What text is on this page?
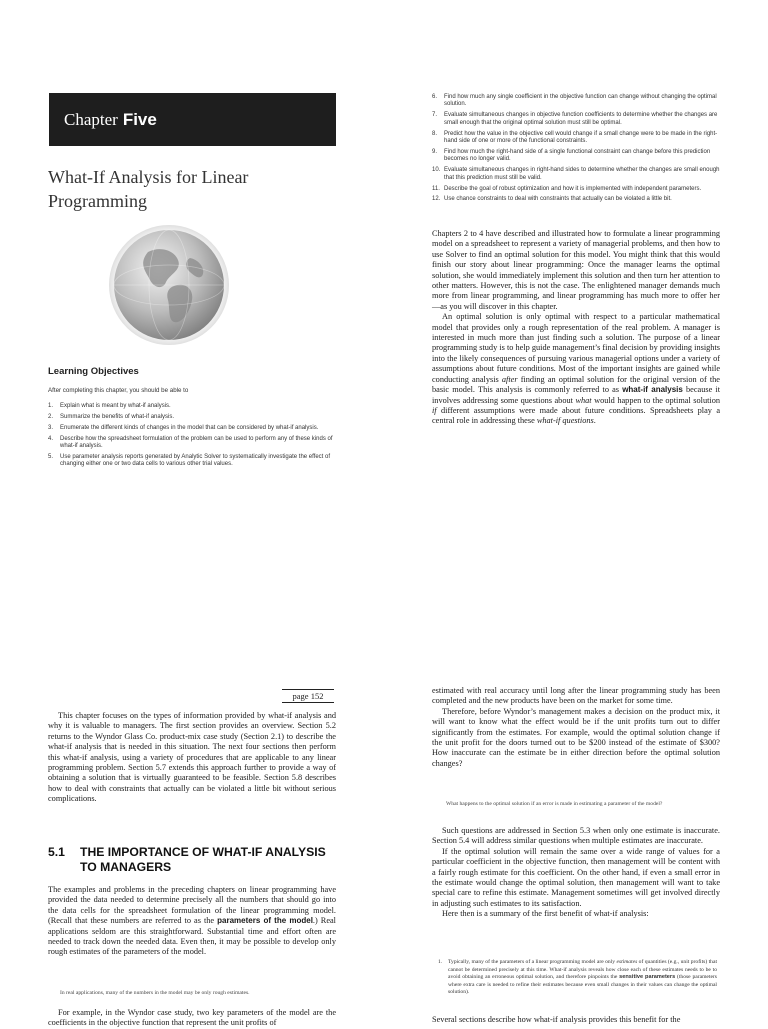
Chapter Five
What-If Analysis for Linear Programming
Learning Objectives
After completing this chapter, you should be able to
1. Explain what is meant by what-if analysis.
2. Summarize the benefits of what-if analysis.
3. Enumerate the different kinds of changes in the model that can be considered by what-if analysis.
4. Describe how the spreadsheet formulation of the problem can be used to perform any of these kinds of what-if analysis.
5. Use parameter analysis reports generated by Analytic Solver to systematically investigate the effect of changing either one or two data cells to various other trial values.
6. Find how much any single coefficient in the objective function can change without changing the optimal solution.
7. Evaluate simultaneous changes in objective function coefficients to determine whether the changes are small enough that the original optimal solution must still be optimal.
8. Predict how the value in the objective cell would change if a small change were to be made in the right-hand side of one or more of the functional constraints.
9. Find how much the right-hand side of a single functional constraint can change before this prediction becomes no longer valid.
10. Evaluate simultaneous changes in right-hand sides to determine whether the changes are small enough that this prediction must still be valid.
11. Describe the goal of robust optimization and how it is implemented with independent parameters.
12. Use chance constraints to deal with constraints that actually can be violated a little bit.

Chapters 2 to 4 have described and illustrated how to formulate a linear programming model on a spreadsheet to represent a variety of managerial problems, and then how to use Solver to find an optimal solution for this model. You might think that this would finish our story about linear programming: Once the manager learns the optimal solution, she would immediately implement this solution and then turn her attention to other matters. However, this is not the case. The enlightened manager demands much more from linear programming, and linear programming has much more to offer her—as you will discover in this chapter.

An optimal solution is only optimal with respect to a particular mathematical model that provides only a rough representation of the real problem. A manager is interested in much more than just finding such a solution. The purpose of a linear programming study is to help guide management’s final decision by providing insights into the likely consequences of pursuing various managerial options under a variety of assumptions about future conditions. Most of the important insights are gained while conducting analysis after finding an optimal solution for the original version of the basic model. This analysis is commonly referred to as what-if analysis because it involves addressing some questions about what would happen to the optimal solution if different assumptions were made about future conditions. Spreadsheets play a central role in addressing these what-if questions.

page 152

This chapter focuses on the types of information provided by what-if analysis and why it is valuable to managers. The first section provides an overview. Section 5.2 returns to the Wyndor Glass Co. product-mix case study (Section 2.1) to describe the what-if analysis that is needed in this situation. The next four sections then perform this what-if analysis, using a variety of procedures that are applicable to any linear programming problem. Section 5.7 extends this approach further to provide a way of obtaining a solution that is virtually guaranteed to be feasible. Section 5.8 describes how to deal with constraints that actually can be violated a little bit without serious complications.

5.1	THE IMPORTANCE OF WHAT-IF ANALYSIS TO MANAGERS

The examples and problems in the preceding chapters on linear programming have provided the data needed to determine precisely all the numbers that should go into the data cells for the spreadsheet formulation of the linear programming model. (Recall that these numbers are referred to as the parameters of the model.) Real applications seldom are this straightforward. Substantial time and effort often are needed to track down the needed data. Even then, it may be possible to develop only rough estimates of the parameters of the model.

In real applications, many of the numbers in the model may be only rough estimates.

For example, in the Wyndor case study, two key parameters of the model are the coefficients in the objective function that represent the unit profits of

estimated with real accuracy until long after the linear programming study has been completed and the new products have been on the market for some time.

Therefore, before Wyndor’s management makes a decision on the product mix, it will want to know what the effect would be if the unit profits turn out to differ significantly from the estimates. For example, would the optimal solution change if the unit profit for the doors turned out to be $200 instead of the estimate of $300? How inaccurate can the estimate be in either direction before the optimal solution changes?

What happens to the optimal solution if an error is made in estimating a parameter of the model?

Such questions are addressed in Section 5.3 when only one estimate is inaccurate. Section 5.4 will address similar questions when multiple estimates are inaccurate.

If the optimal solution will remain the same over a wide range of values for a particular coefficient in the objective function, then management will be content with a fairly rough estimate for this coefficient. On the other hand, if even a small error in the estimate would change the optimal solution, then management will want to take special care to refine this estimate. Management sometimes will get involved directly in adjusting such estimates to its satisfaction.

Here then is a summary of the first benefit of what-if analysis:

1. Typically, many of the parameters of a linear programming model are only estimates of quantities (e.g., unit profits) that cannot be determined precisely at this time. What-if analysis reveals how close each of these estimates needs to be to avoid obtaining an erroneous optimal solution, and therefore pinpoints the sensitive parameters (those parameters where extra care is needed to refine their estimates because even small changes in their values can change the optimal solution).

Several sections describe how what-if analysis provides this benefit for the
